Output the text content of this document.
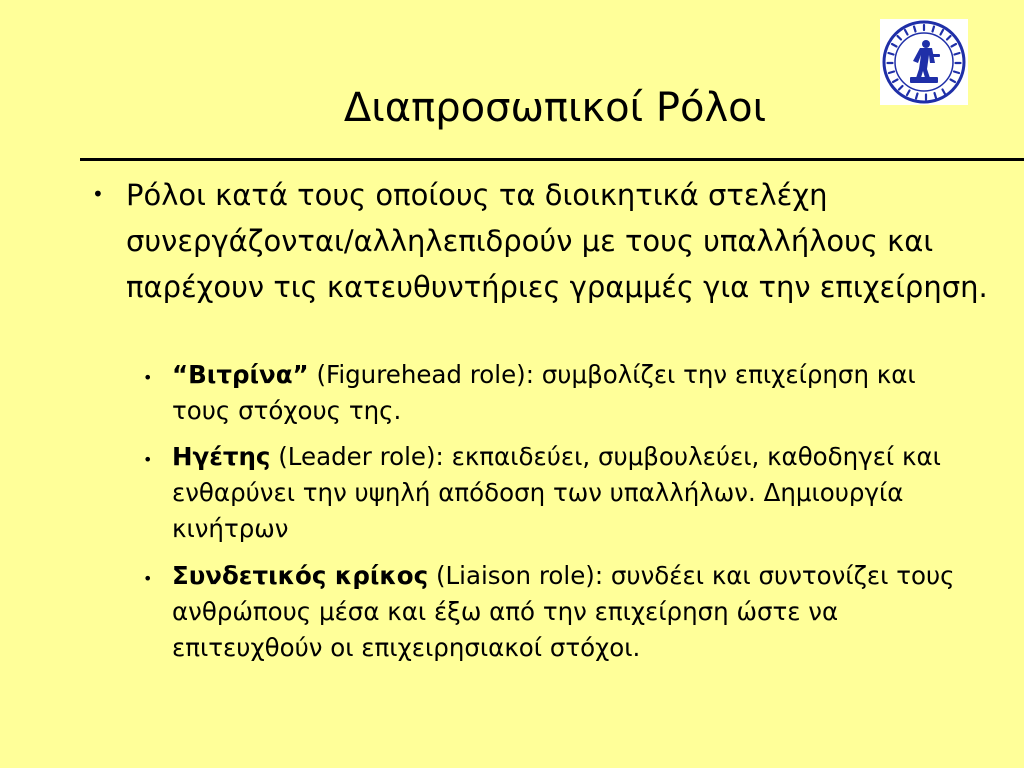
Διαπροσωπικοί Ρόλοι
• Ρόλοι κατά τους οποίους τα διοικητικά στελέχη συνεργάζονται/αλληλεπιδρούν με τους υπαλλήλους και παρέχουν τις κατευθυντήριες γραμμές για την επιχείρηση.
• “Βιτρίνα” (Figurehead role): συμβολίζει την επιχείρηση και τους στόχους της.
• Ηγέτης (Leader role): εκπαιδεύει, συμβουλεύει, καθοδηγεί και ενθαρύνει την υψηλή απόδοση των υπαλλήλων. Δημιουργία κινήτρων
• Συνδετικός κρίκος (Liaison role): συνδέει και συντονίζει τους ανθρώπους μέσα και έξω από την επιχείρηση ώστε να επιτευχθούν οι επιχειρησιακοί στόχοι.
